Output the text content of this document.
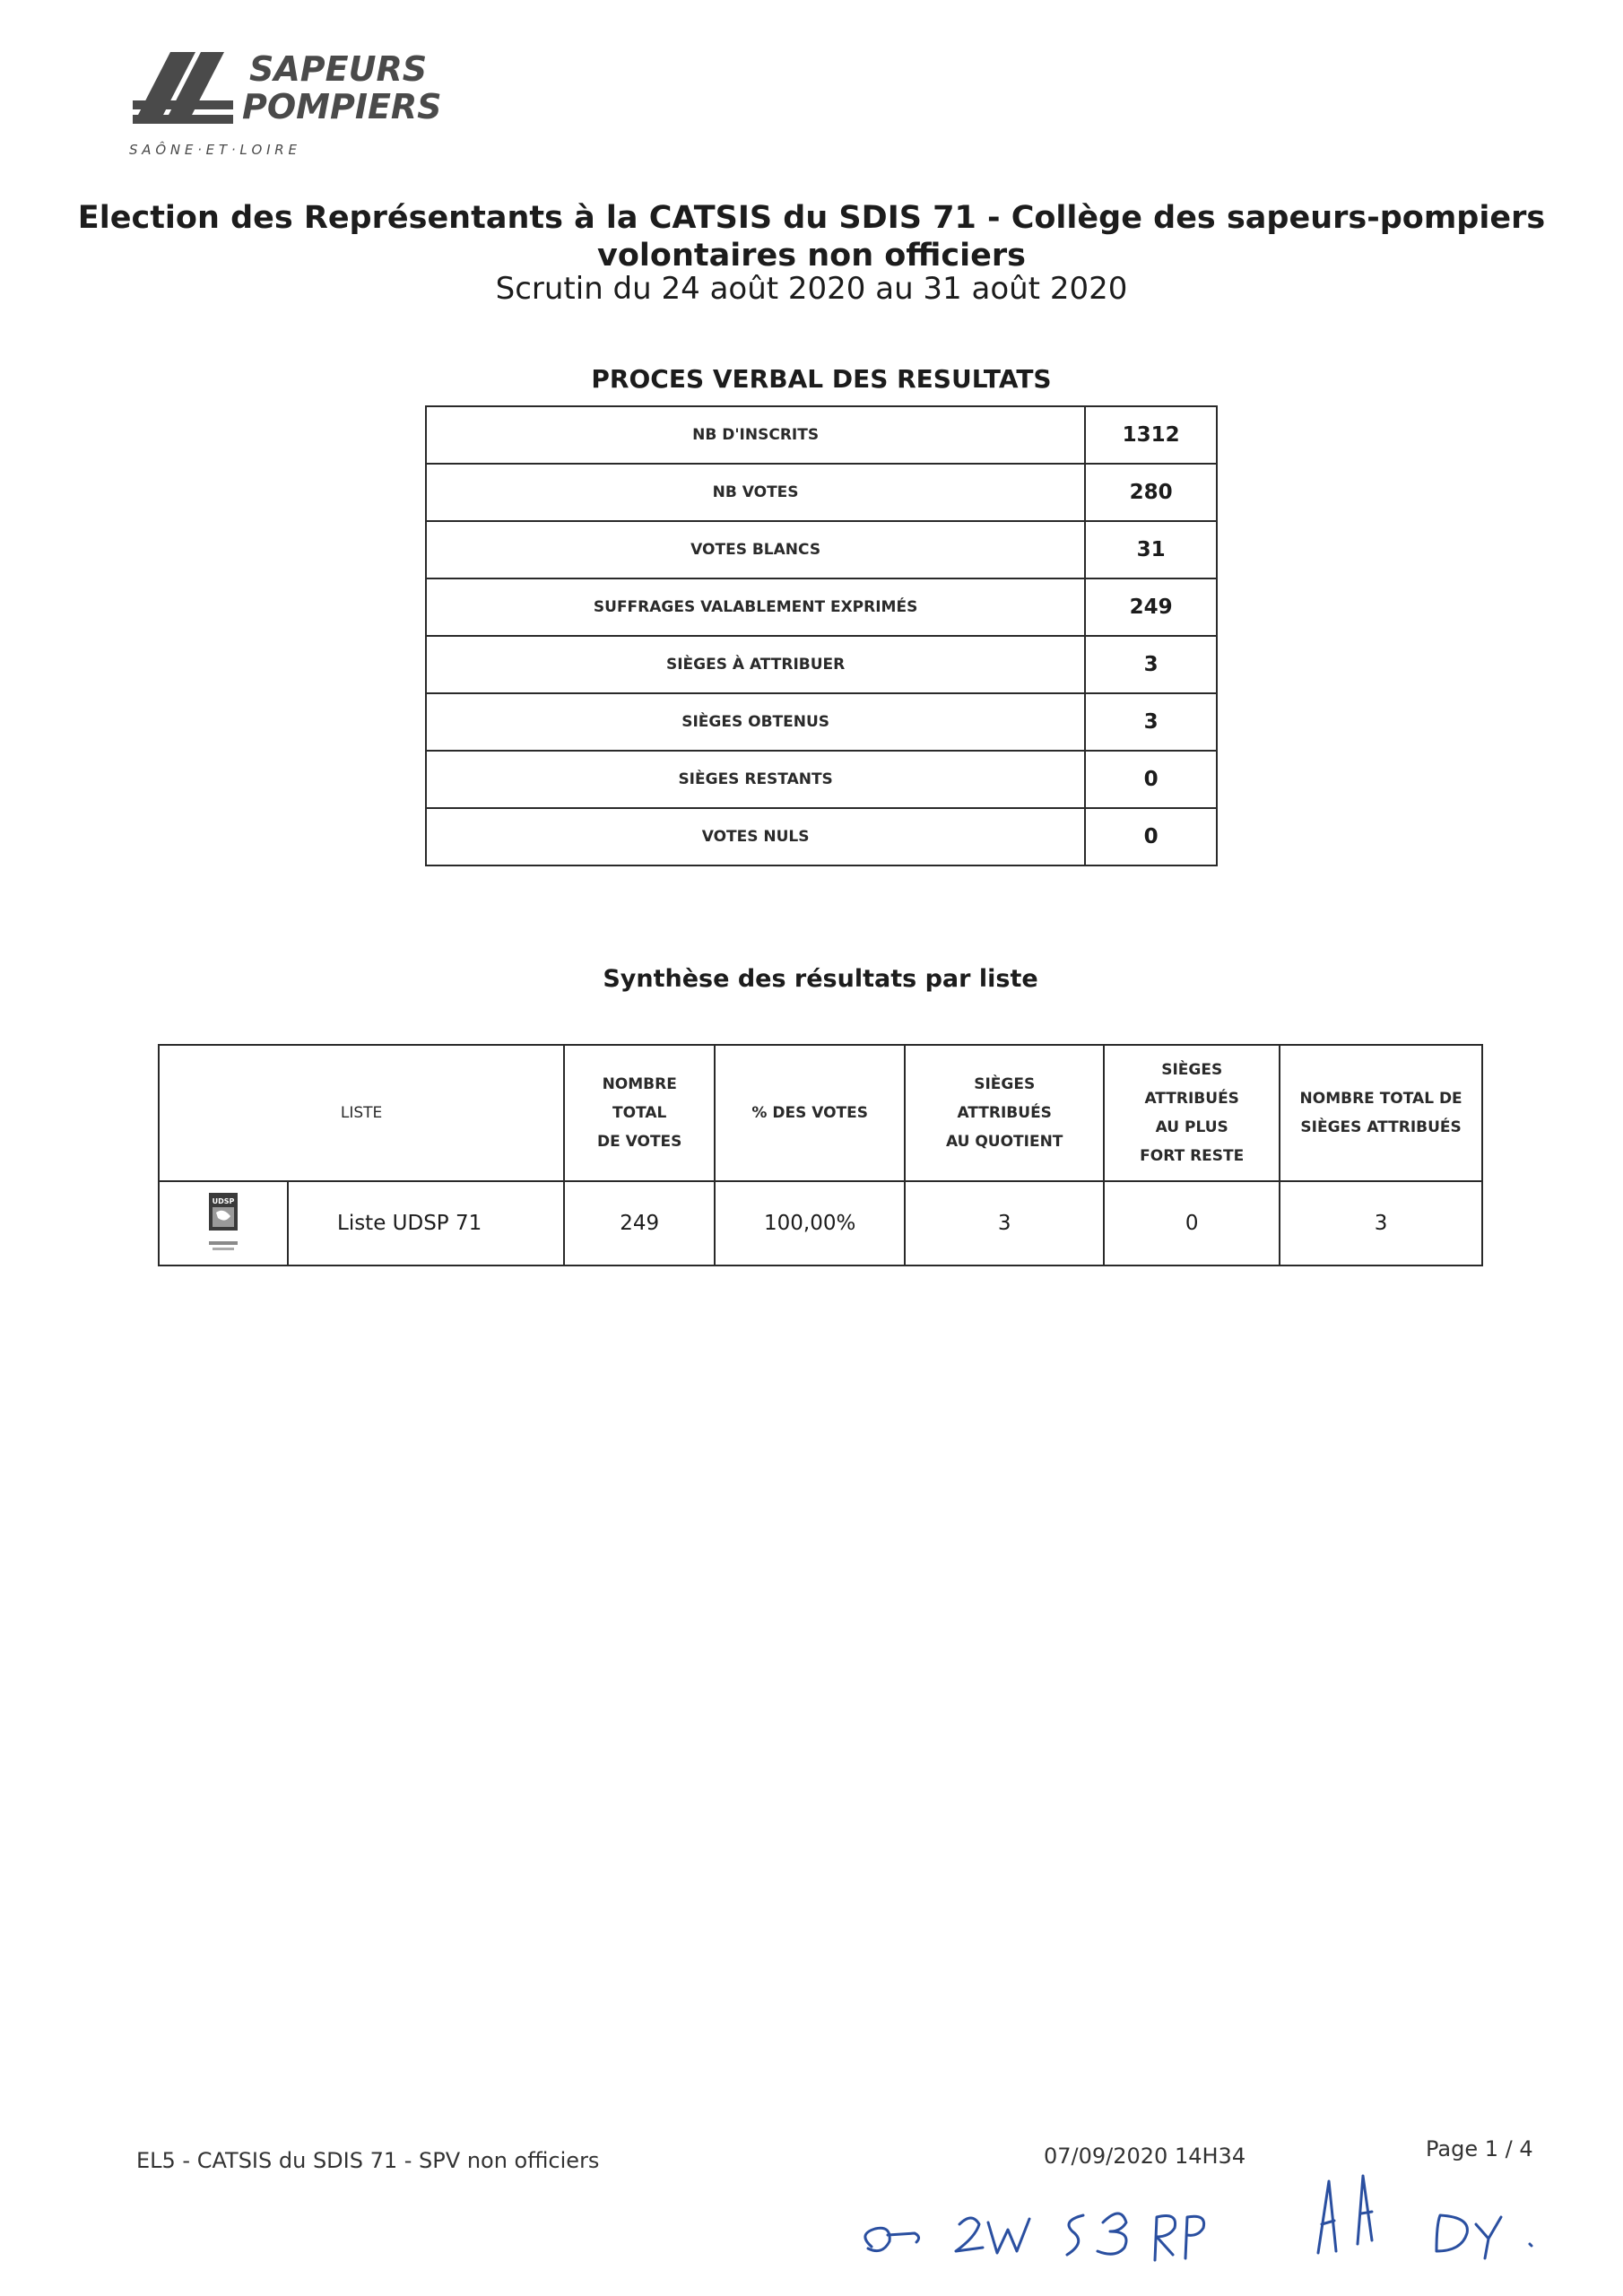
SAPEURS
POMPIERS
S A Ô N E · E T · L O I R E
Election des Représentants à la CATSIS du SDIS 71 - Collège des sapeurs-pompiers volontaires non officiers
Scrutin du 24 août 2020 au 31 août 2020
PROCES VERBAL DES RESULTATS
NB D'INSCRITS	1312
NB VOTES	280
VOTES BLANCS	31
SUFFRAGES VALABLEMENT EXPRIMÉS	249
SIÈGES À ATTRIBUER	3
SIÈGES OBTENUS	3
SIÈGES RESTANTS	0
VOTES NULS	0
Synthèse des résultats par liste
LISTE		NOMBRE
TOTAL
DE VOTES	% DES VOTES	SIÈGES
ATTRIBUÉS
AU QUOTIENT	SIÈGES
ATTRIBUÉS
AU PLUS
FORT RESTE	NOMBRE TOTAL DE
SIÈGES ATTRIBUÉS

UDSP	Liste UDSP 71	249	100,00%	3	0	3
EL5 - CATSIS du SDIS 71 - SPV non officiers	07/09/2020 14H34	Page 1 / 4
